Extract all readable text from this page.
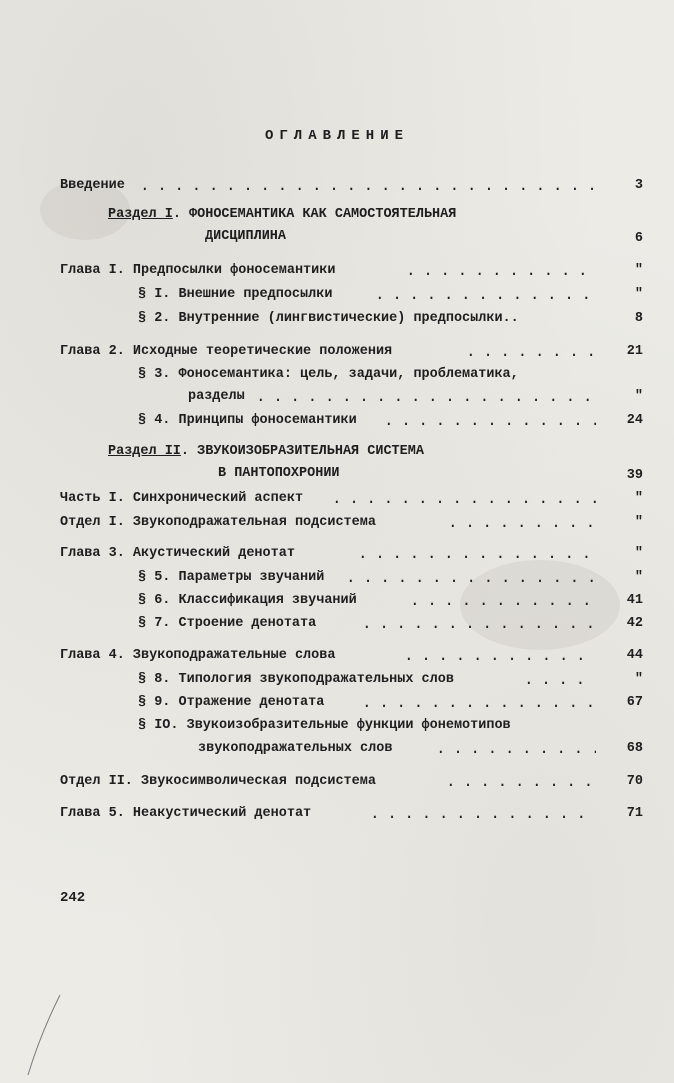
ОГЛАВЛЕНИЕ
Введение . . .	3
Раздел I. ФОНОСЕМАНТИКА КАК САМОСТОЯТЕЛЬНАЯ
ДИСЦИПЛИНА	6
Глава I. Предпосылки фоносемантики . . .	"
§ I. Внешние предпосылки . . .	"
§ 2. Внутренние (лингвистические) предпосылки..	8
Глава 2. Исходные теоретические положения . . .	21
§ 3. Фоносемантика: цель, задачи, проблематика,
разделы . . .	"
§ 4. Принципы фоносемантики . . .	24
Раздел II. ЗВУКОИЗОБРАЗИТЕЛЬНАЯ СИСТЕМА
В ПАНТОПОХРОНИИ	39
Часть I. Синхронический аспект . . .	"
Отдел I. Звукоподражательная подсистема . . .	"
Глава 3. Акустический денотат . . .	"
§ 5. Параметры звучаний . . .	"
§ 6. Классификация звучаний . . .	41
§ 7. Строение денотата . . .	42
Глава 4. Звукоподражательные слова . . .	44
§ 8. Типология звукоподражательных слов . . .	"
§ 9. Отражение денотата . . .	67
§ IO. Звукоизобразительные функции фонемотипов
звукоподражательных слов . . .	68
Отдел II. Звукосимволическая подсистема . . .	70
Глава 5. Неакустический денотат . . .	71
242
